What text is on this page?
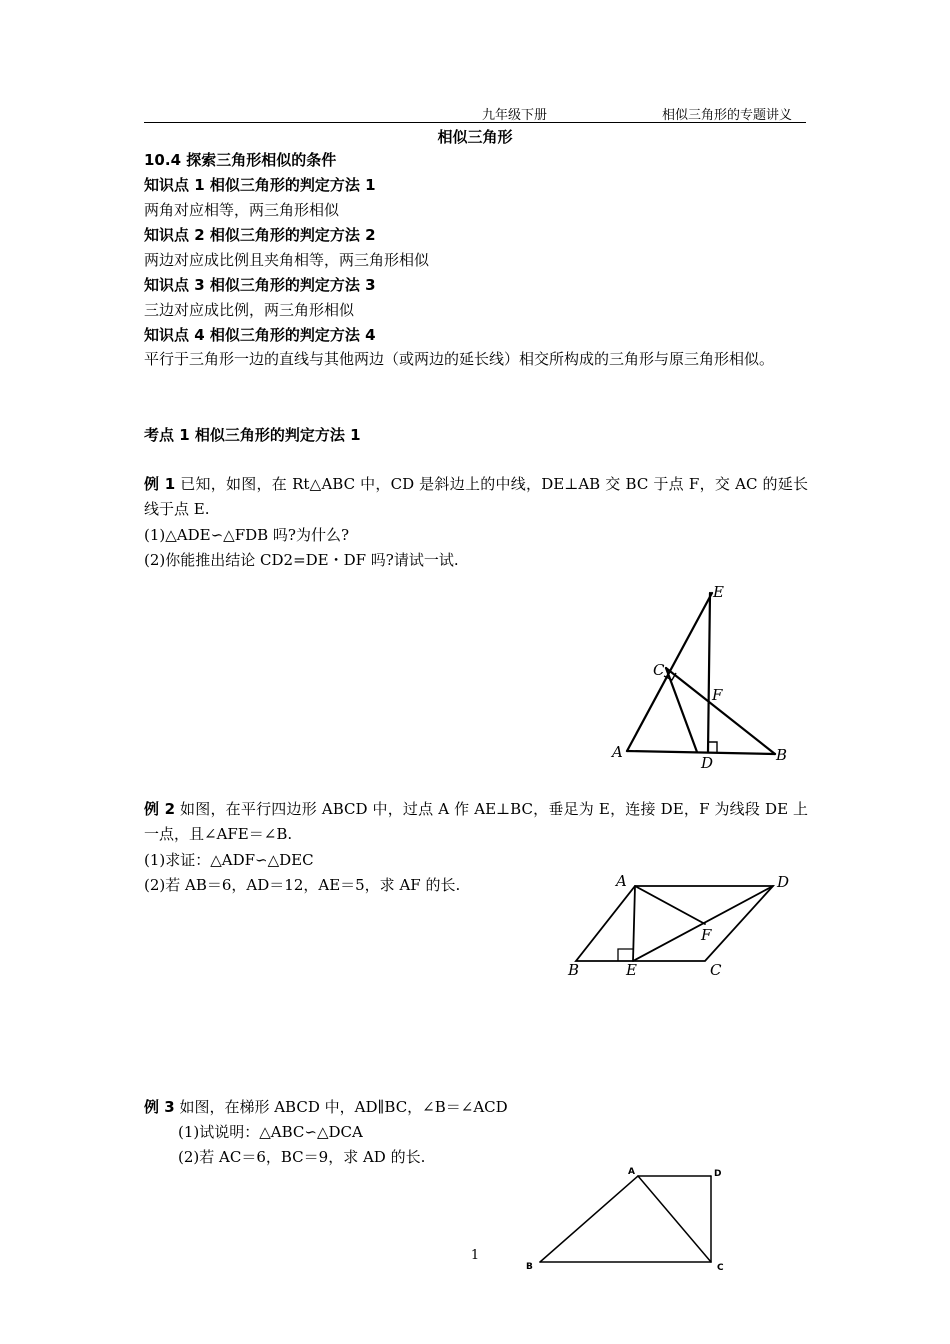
九年级下册	相似三角形的专题讲义
相似三角形
10.4 探索三角形相似的条件
知识点 1 相似三角形的判定方法 1
两角对应相等，两三角形相似
知识点 2 相似三角形的判定方法 2
两边对应成比例且夹角相等，两三角形相似
知识点 3 相似三角形的判定方法 3
三边对应成比例，两三角形相似
知识点 4 相似三角形的判定方法 4
平行于三角形一边的直线与其他两边（或两边的延长线）相交所构成的三角形与原三角形相似。
考点 1 相似三角形的判定方法 1
例 1 已知，如图，在 Rt△ABC 中，CD 是斜边上的中线，DE⊥AB 交 BC 于点 F，交 AC 的延长线于点 E.
(1)△ADE∽△FDB 吗?为什么?
(2)你能推出结论 CD2=DE・DF 吗?请试一试.
A	B
C
D
E
F
例 2 如图，在平行四边形 ABCD 中，过点 A 作 AE⊥BC，垂足为 E，连接 DE，F 为线段 DE 上一点，且∠AFE＝∠B.
(1)求证：△ADF∽△DEC
(2)若 AB＝6，AD＝12，AE＝5，求 AF 的长.	A	D
F
B	E	C
例 3 如图，在梯形 ABCD 中，AD∥BC，∠B＝∠ACD
(1)试说明：△ABC∽△DCA
(2)若 AC＝6，BC＝9，求 AD 的长.
A	D
B	C
1
